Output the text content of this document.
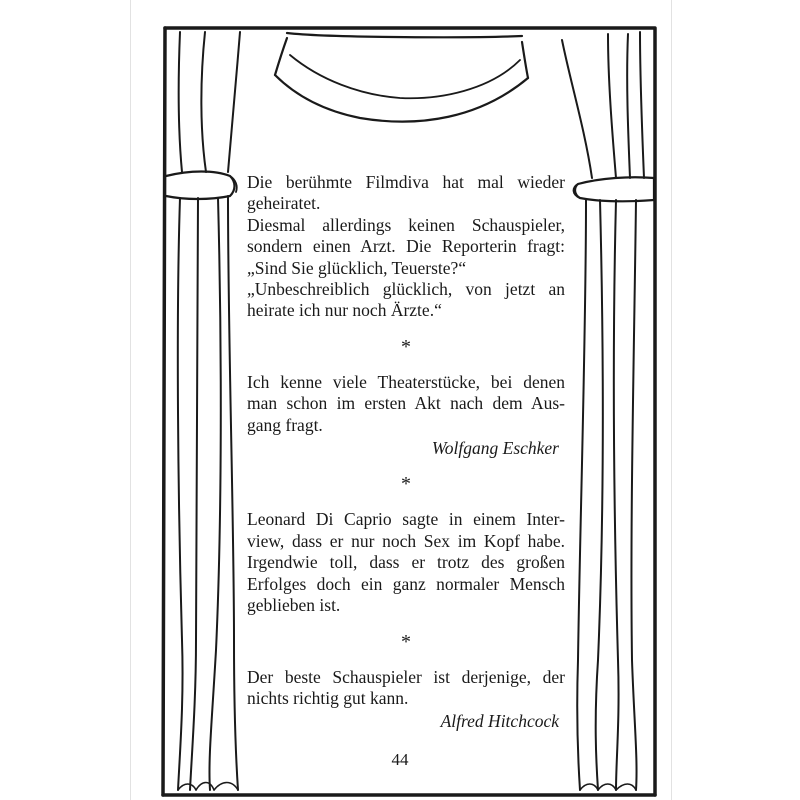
Die berühmte Filmdiva hat mal wieder
geheiratet.
Diesmal allerdings keinen Schauspieler,
sondern einen Arzt. Die Reporterin fragt:
„Sind Sie glücklich, Teuerste?“
„Unbeschreiblich glücklich, von jetzt an
heirate ich nur noch Ärzte.“
*
Ich kenne viele Theaterstücke, bei denen
man schon im ersten Akt nach dem Aus-
gang fragt.
Wolfgang Eschker
*
Leonard Di Caprio sagte in einem Inter-
view, dass er nur noch Sex im Kopf habe.
Irgendwie toll, dass er trotz des großen
Erfolges doch ein ganz normaler Mensch
geblieben ist.
*
Der beste Schauspieler ist derjenige, der
nichts richtig gut kann.
Alfred Hitchcock
44
